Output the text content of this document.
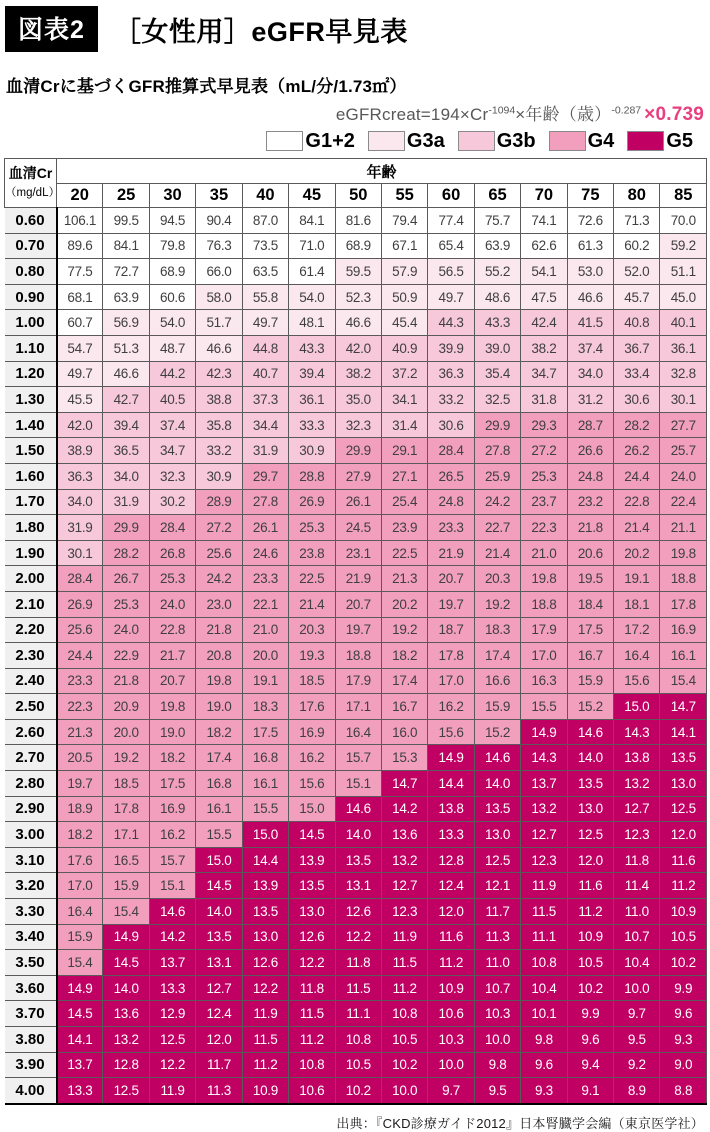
図表2	［女性用］eGFR早見表
血清Crに基づくGFR推算式早見表（mL/分/1.73㎡）
$eGFRcreat=194\times Cr^{-1094}\times$年齢（歳）$^{-0.287}$ ×0.739
G1+2	G3a	G3b	G4	G5
血清Cr
（mg/dL）	年齢													
	20	25	30	35	40	45	50	55	60	65	70	75	80	85
0.60	106.1	99.5	94.5	90.4	87.0	84.1	81.6	79.4	77.4	75.7	74.1	72.6	71.3	70.0
0.70	89.6	84.1	79.8	76.3	73.5	71.0	68.9	67.1	65.4	63.9	62.6	61.3	60.2	59.2
0.80	77.5	72.7	68.9	66.0	63.5	61.4	59.5	57.9	56.5	55.2	54.1	53.0	52.0	51.1
0.90	68.1	63.9	60.6	58.0	55.8	54.0	52.3	50.9	49.7	48.6	47.5	46.6	45.7	45.0
1.00	60.7	56.9	54.0	51.7	49.7	48.1	46.6	45.4	44.3	43.3	42.4	41.5	40.8	40.1
1.10	54.7	51.3	48.7	46.6	44.8	43.3	42.0	40.9	39.9	39.0	38.2	37.4	36.7	36.1
1.20	49.7	46.6	44.2	42.3	40.7	39.4	38.2	37.2	36.3	35.4	34.7	34.0	33.4	32.8
1.30	45.5	42.7	40.5	38.8	37.3	36.1	35.0	34.1	33.2	32.5	31.8	31.2	30.6	30.1
1.40	42.0	39.4	37.4	35.8	34.4	33.3	32.3	31.4	30.6	29.9	29.3	28.7	28.2	27.7
1.50	38.9	36.5	34.7	33.2	31.9	30.9	29.9	29.1	28.4	27.8	27.2	26.6	26.2	25.7
1.60	36.3	34.0	32.3	30.9	29.7	28.8	27.9	27.1	26.5	25.9	25.3	24.8	24.4	24.0
1.70	34.0	31.9	30.2	28.9	27.8	26.9	26.1	25.4	24.8	24.2	23.7	23.2	22.8	22.4
1.80	31.9	29.9	28.4	27.2	26.1	25.3	24.5	23.9	23.3	22.7	22.3	21.8	21.4	21.1
1.90	30.1	28.2	26.8	25.6	24.6	23.8	23.1	22.5	21.9	21.4	21.0	20.6	20.2	19.8
2.00	28.4	26.7	25.3	24.2	23.3	22.5	21.9	21.3	20.7	20.3	19.8	19.5	19.1	18.8
2.10	26.9	25.3	24.0	23.0	22.1	21.4	20.7	20.2	19.7	19.2	18.8	18.4	18.1	17.8
2.20	25.6	24.0	22.8	21.8	21.0	20.3	19.7	19.2	18.7	18.3	17.9	17.5	17.2	16.9
2.30	24.4	22.9	21.7	20.8	20.0	19.3	18.8	18.2	17.8	17.4	17.0	16.7	16.4	16.1
2.40	23.3	21.8	20.7	19.8	19.1	18.5	17.9	17.4	17.0	16.6	16.3	15.9	15.6	15.4
2.50	22.3	20.9	19.8	19.0	18.3	17.6	17.1	16.7	16.2	15.9	15.5	15.2	15.0	14.7
2.60	21.3	20.0	19.0	18.2	17.5	16.9	16.4	16.0	15.6	15.2	14.9	14.6	14.3	14.1
2.70	20.5	19.2	18.2	17.4	16.8	16.2	15.7	15.3	14.9	14.6	14.3	14.0	13.8	13.5
2.80	19.7	18.5	17.5	16.8	16.1	15.6	15.1	14.7	14.4	14.0	13.7	13.5	13.2	13.0
2.90	18.9	17.8	16.9	16.1	15.5	15.0	14.6	14.2	13.8	13.5	13.2	13.0	12.7	12.5
3.00	18.2	17.1	16.2	15.5	15.0	14.5	14.0	13.6	13.3	13.0	12.7	12.5	12.3	12.0
3.10	17.6	16.5	15.7	15.0	14.4	13.9	13.5	13.2	12.8	12.5	12.3	12.0	11.8	11.6
3.20	17.0	15.9	15.1	14.5	13.9	13.5	13.1	12.7	12.4	12.1	11.9	11.6	11.4	11.2
3.30	16.4	15.4	14.6	14.0	13.5	13.0	12.6	12.3	12.0	11.7	11.5	11.2	11.0	10.9
3.40	15.9	14.9	14.2	13.5	13.0	12.6	12.2	11.9	11.6	11.3	11.1	10.9	10.7	10.5
3.50	15.4	14.5	13.7	13.1	12.6	12.2	11.8	11.5	11.2	11.0	10.8	10.5	10.4	10.2
3.60	14.9	14.0	13.3	12.7	12.2	11.8	11.5	11.2	10.9	10.7	10.4	10.2	10.0	9.9
3.70	14.5	13.6	12.9	12.4	11.9	11.5	11.1	10.8	10.6	10.3	10.1	9.9	9.7	9.6
3.80	14.1	13.2	12.5	12.0	11.5	11.2	10.8	10.5	10.3	10.0	9.8	9.6	9.5	9.3
3.90	13.7	12.8	12.2	11.7	11.2	10.8	10.5	10.2	10.0	9.8	9.6	9.4	9.2	9.0
4.00	13.3	12.5	11.9	11.3	10.9	10.6	10.2	10.0	9.7	9.5	9.3	9.1	8.9	8.8
出典：『CKD診療ガイド2012』日本腎臓学会編（東京医学社）
